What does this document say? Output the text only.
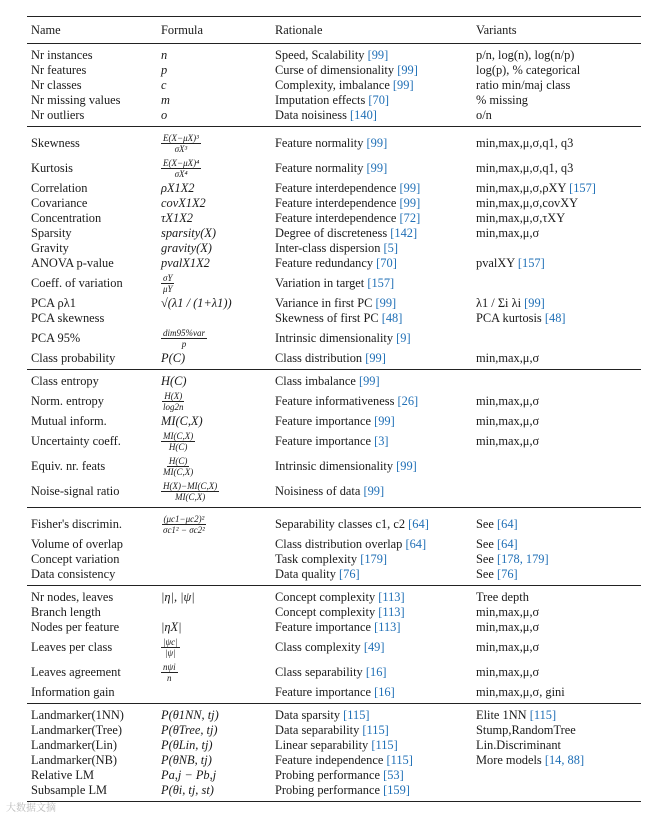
Name	Formula	Rationale	Variants
Nr instances	n	Speed, Scalability [99]	p/n, log(n), log(n/p)
Nr features	p	Curse of dimensionality [99]	log(p), % categorical
Nr classes	c	Complexity, imbalance [99]	ratio min/maj class
Nr missing values	m	Imputation effects [70]	% missing
Nr outliers	o	Data noisiness [140]	o/n
Skewness	$\frac{\text{E(X−μX)³}}{\text{σX³}}$	Feature normality [99]	min,max,μ,σ,q1, q3
Kurtosis	$\frac{\text{E(X−μX)⁴}}{\text{σX⁴}}$	Feature normality [99]	min,max,μ,σ,q1, q3
Correlation	ρX1X2	Feature interdependence [99]	min,max,μ,σ,ρXY [157]
Covariance	covX1X2	Feature interdependence [99]	min,max,μ,σ,covXY
Concentration	τX1X2	Feature interdependence [72]	min,max,μ,σ,τXY
Sparsity	sparsity(X)	Degree of discreteness [142]	min,max,μ,σ
Gravity	gravity(X)	Inter-class dispersion [5]	
ANOVA p-value	pvalX1X2	Feature redundancy [70]	pvalXY [157]
Coeff. of variation	$\frac{\sigma Y}{\mu Y}$	Variation in target [157]	
PCA ρλ1	√(λ1 / (1+λ1))	Variance in first PC [99]	λ1 / Σi λi [99]
PCA skewness		Skewness of first PC [48]	PCA kurtosis [48]
PCA 95%	$\frac{\text{dim95\%var}}{p}$	Intrinsic dimensionality [9]	
Class probability	P(C)	Class distribution [99]	min,max,μ,σ
Class entropy	H(C)	Class imbalance [99]	
Norm. entropy	$\frac{H(X)}{\log 2n}$	Feature informativeness [26]	min,max,μ,σ
Mutual inform.	MI(C,X)	Feature importance [99]	min,max,μ,σ
Uncertainty coeff.	$\frac{MI(C,X)}{H(C)}$	Feature importance [3]	min,max,μ,σ
Equiv. nr. feats	$\frac{H(C)}{MI(C,X)}$	Intrinsic dimensionality [99]	
Noise-signal ratio	$\frac{H(X)-MI(C,X)}{MI(C,X)}$	Noisiness of data [99]	
Fisher's discrimin.	$\frac{\text{(μc1−μc2)²}}{\text{σc1² − σc2²}}$	Separability classes c1, c2 [64]	See [64]
Volume of overlap		Class distribution overlap [64]	See [64]
Concept variation		Task complexity [179]	See [178, 179]
Data consistency		Data quality [76]	See [76]
Nr nodes, leaves	|η|, |ψ|	Concept complexity [113]	Tree depth
Branch length		Concept complexity [113]	min,max,μ,σ
Nodes per feature	|ηX|	Feature importance [113]	min,max,μ,σ
Leaves per class	$\frac{|\psi c|}{|\psi|}$	Class complexity [49]	min,max,μ,σ
Leaves agreement	$\frac{\text{nψi}}{n}$	Class separability [16]	min,max,μ,σ
Information gain		Feature importance [16]	min,max,μ,σ, gini
Landmarker(1NN)	P(θ1NN, tj)	Data sparsity [115]	Elite 1NN [115]
Landmarker(Tree)	P(θTree, tj)	Data separability [115]	Stump,RandomTree
Landmarker(Lin)	P(θLin, tj)	Linear separability [115]	Lin.Discriminant
Landmarker(NB)	P(θNB, tj)	Feature independence [115]	More models [14, 88]
Relative LM	Pa,j − Pb,j	Probing performance [53]	
Subsample LM	P(θi, tj, st)	Probing performance [159]	
大数据文摘
